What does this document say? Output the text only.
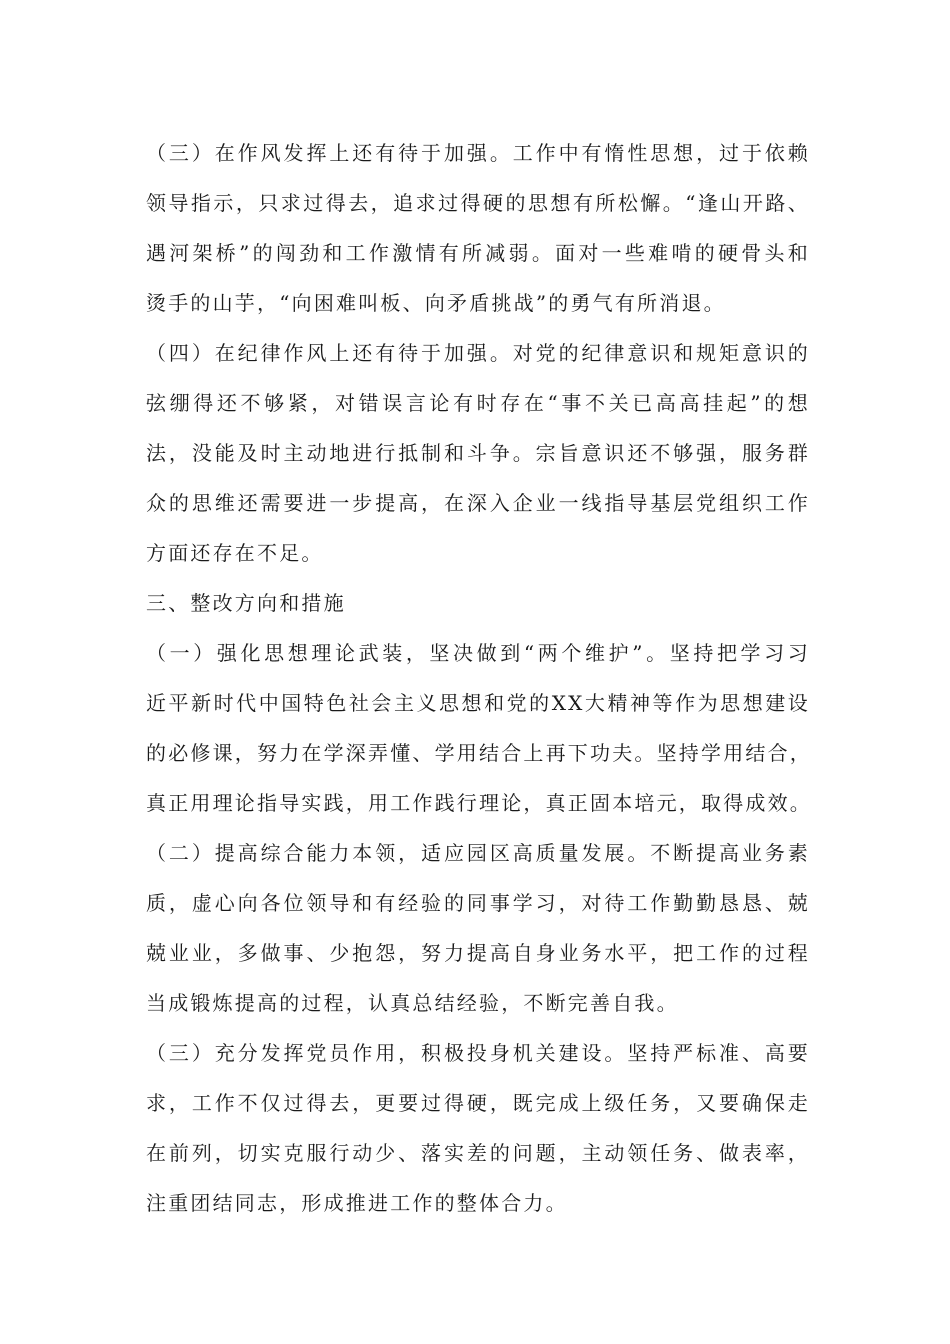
（三）在作风发挥上还有待于加强。工作中有惰性思想，过于依赖
领导指示，只求过得去，追求过得硬的思想有所松懈。“逢山开路、
遇河架桥”的闯劲和工作激情有所减弱。面对一些难啃的硬骨头和
烫手的山芋，“向困难叫板、向矛盾挑战”的勇气有所消退。

（四）在纪律作风上还有待于加强。对党的纪律意识和规矩意识的
弦绷得还不够紧，对错误言论有时存在“事不关已高高挂起”的想
法，没能及时主动地进行抵制和斗争。宗旨意识还不够强，服务群
众的思维还需要进一步提高，在深入企业一线指导基层党组织工作
方面还存在不足。

三、整改方向和措施

（一）强化思想理论武装，坚决做到“两个维护”。坚持把学习习
近平新时代中国特色社会主义思想和党的XX大精神等作为思想建设
的必修课，努力在学深弄懂、学用结合上再下功夫。坚持学用结合，
真正用理论指导实践，用工作践行理论，真正固本培元，取得成效。

（二）提高综合能力本领，适应园区高质量发展。不断提高业务素
质，虚心向各位领导和有经验的同事学习，对待工作勤勤恳恳、兢
兢业业，多做事、少抱怨，努力提高自身业务水平，把工作的过程
当成锻炼提高的过程，认真总结经验，不断完善自我。

（三）充分发挥党员作用，积极投身机关建设。坚持严标准、高要
求，工作不仅过得去，更要过得硬，既完成上级任务，又要确保走
在前列，切实克服行动少、落实差的问题，主动领任务、做表率，
注重团结同志，形成推进工作的整体合力。
